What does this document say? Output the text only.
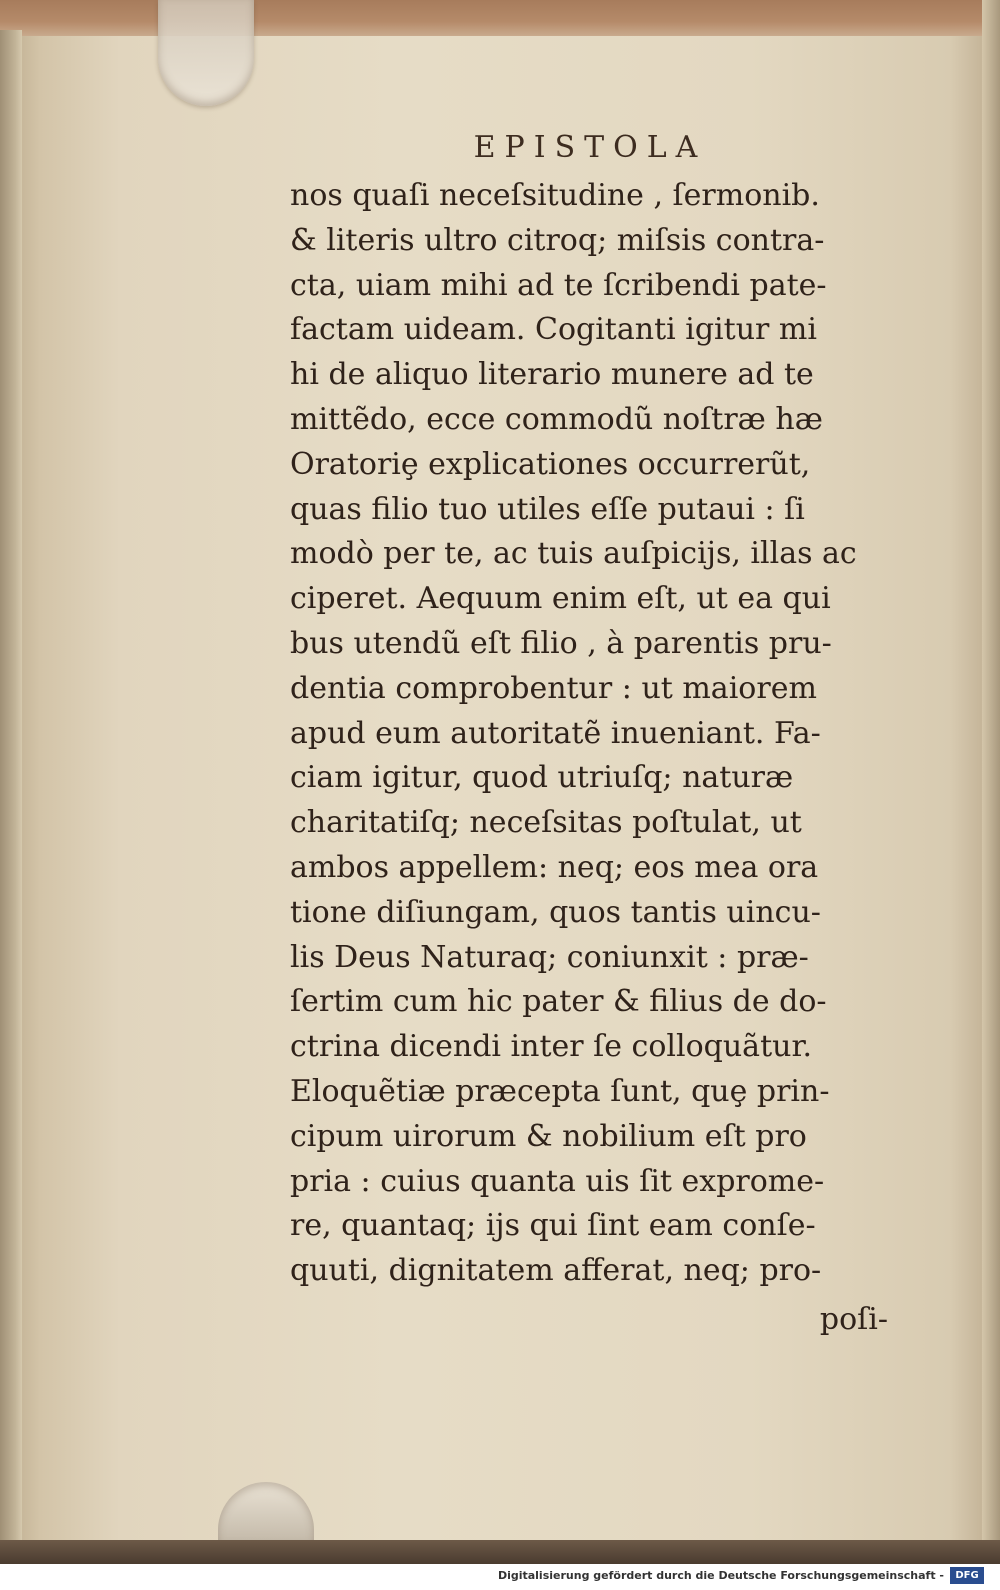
EPISTOLA
nos quaſi neceſsitudine , ſermonib.
& literis ultro citroq; miſsis contra-
cta, uiam mihi ad te ſcribendi pate-
factam uideam. Cogitanti igitur mi
hi de aliquo literario munere ad te
mittẽdo, ecce commodũ noſtræ hæ
Oratoriȩ explicationes occurrerũt,
quas filio tuo utiles eſſe putaui : ſi
modò per te, ac tuis auſpicijs, illas ac
ciperet. Aequum enim eſt, ut ea qui
bus utendũ eſt filio , à parentis pru-
dentia comprobentur : ut maiorem
apud eum autoritatẽ inueniant. Fa-
ciam igitur, quod utriuſq; naturæ
charitatiſq; neceſsitas poſtulat, ut
ambos appellem: neq; eos mea ora
tione diſiungam, quos tantis uincu-
lis Deus Naturaq; coniunxit : præ-
ſertim cum hic pater & filius de do-
ctrina dicendi inter ſe colloquãtur.
Eloquẽtiæ præcepta ſunt, quȩ prin-
cipum uirorum & nobilium eſt pro
pria : cuius quanta uis ſit exprome-
re, quantaq; ijs qui ſint eam conſe-
quuti, dignitatem afferat, neq; pro-
poſi-
Digitalisierung gefördert durch die Deutsche Forschungsgemeinschaft -	DFG
